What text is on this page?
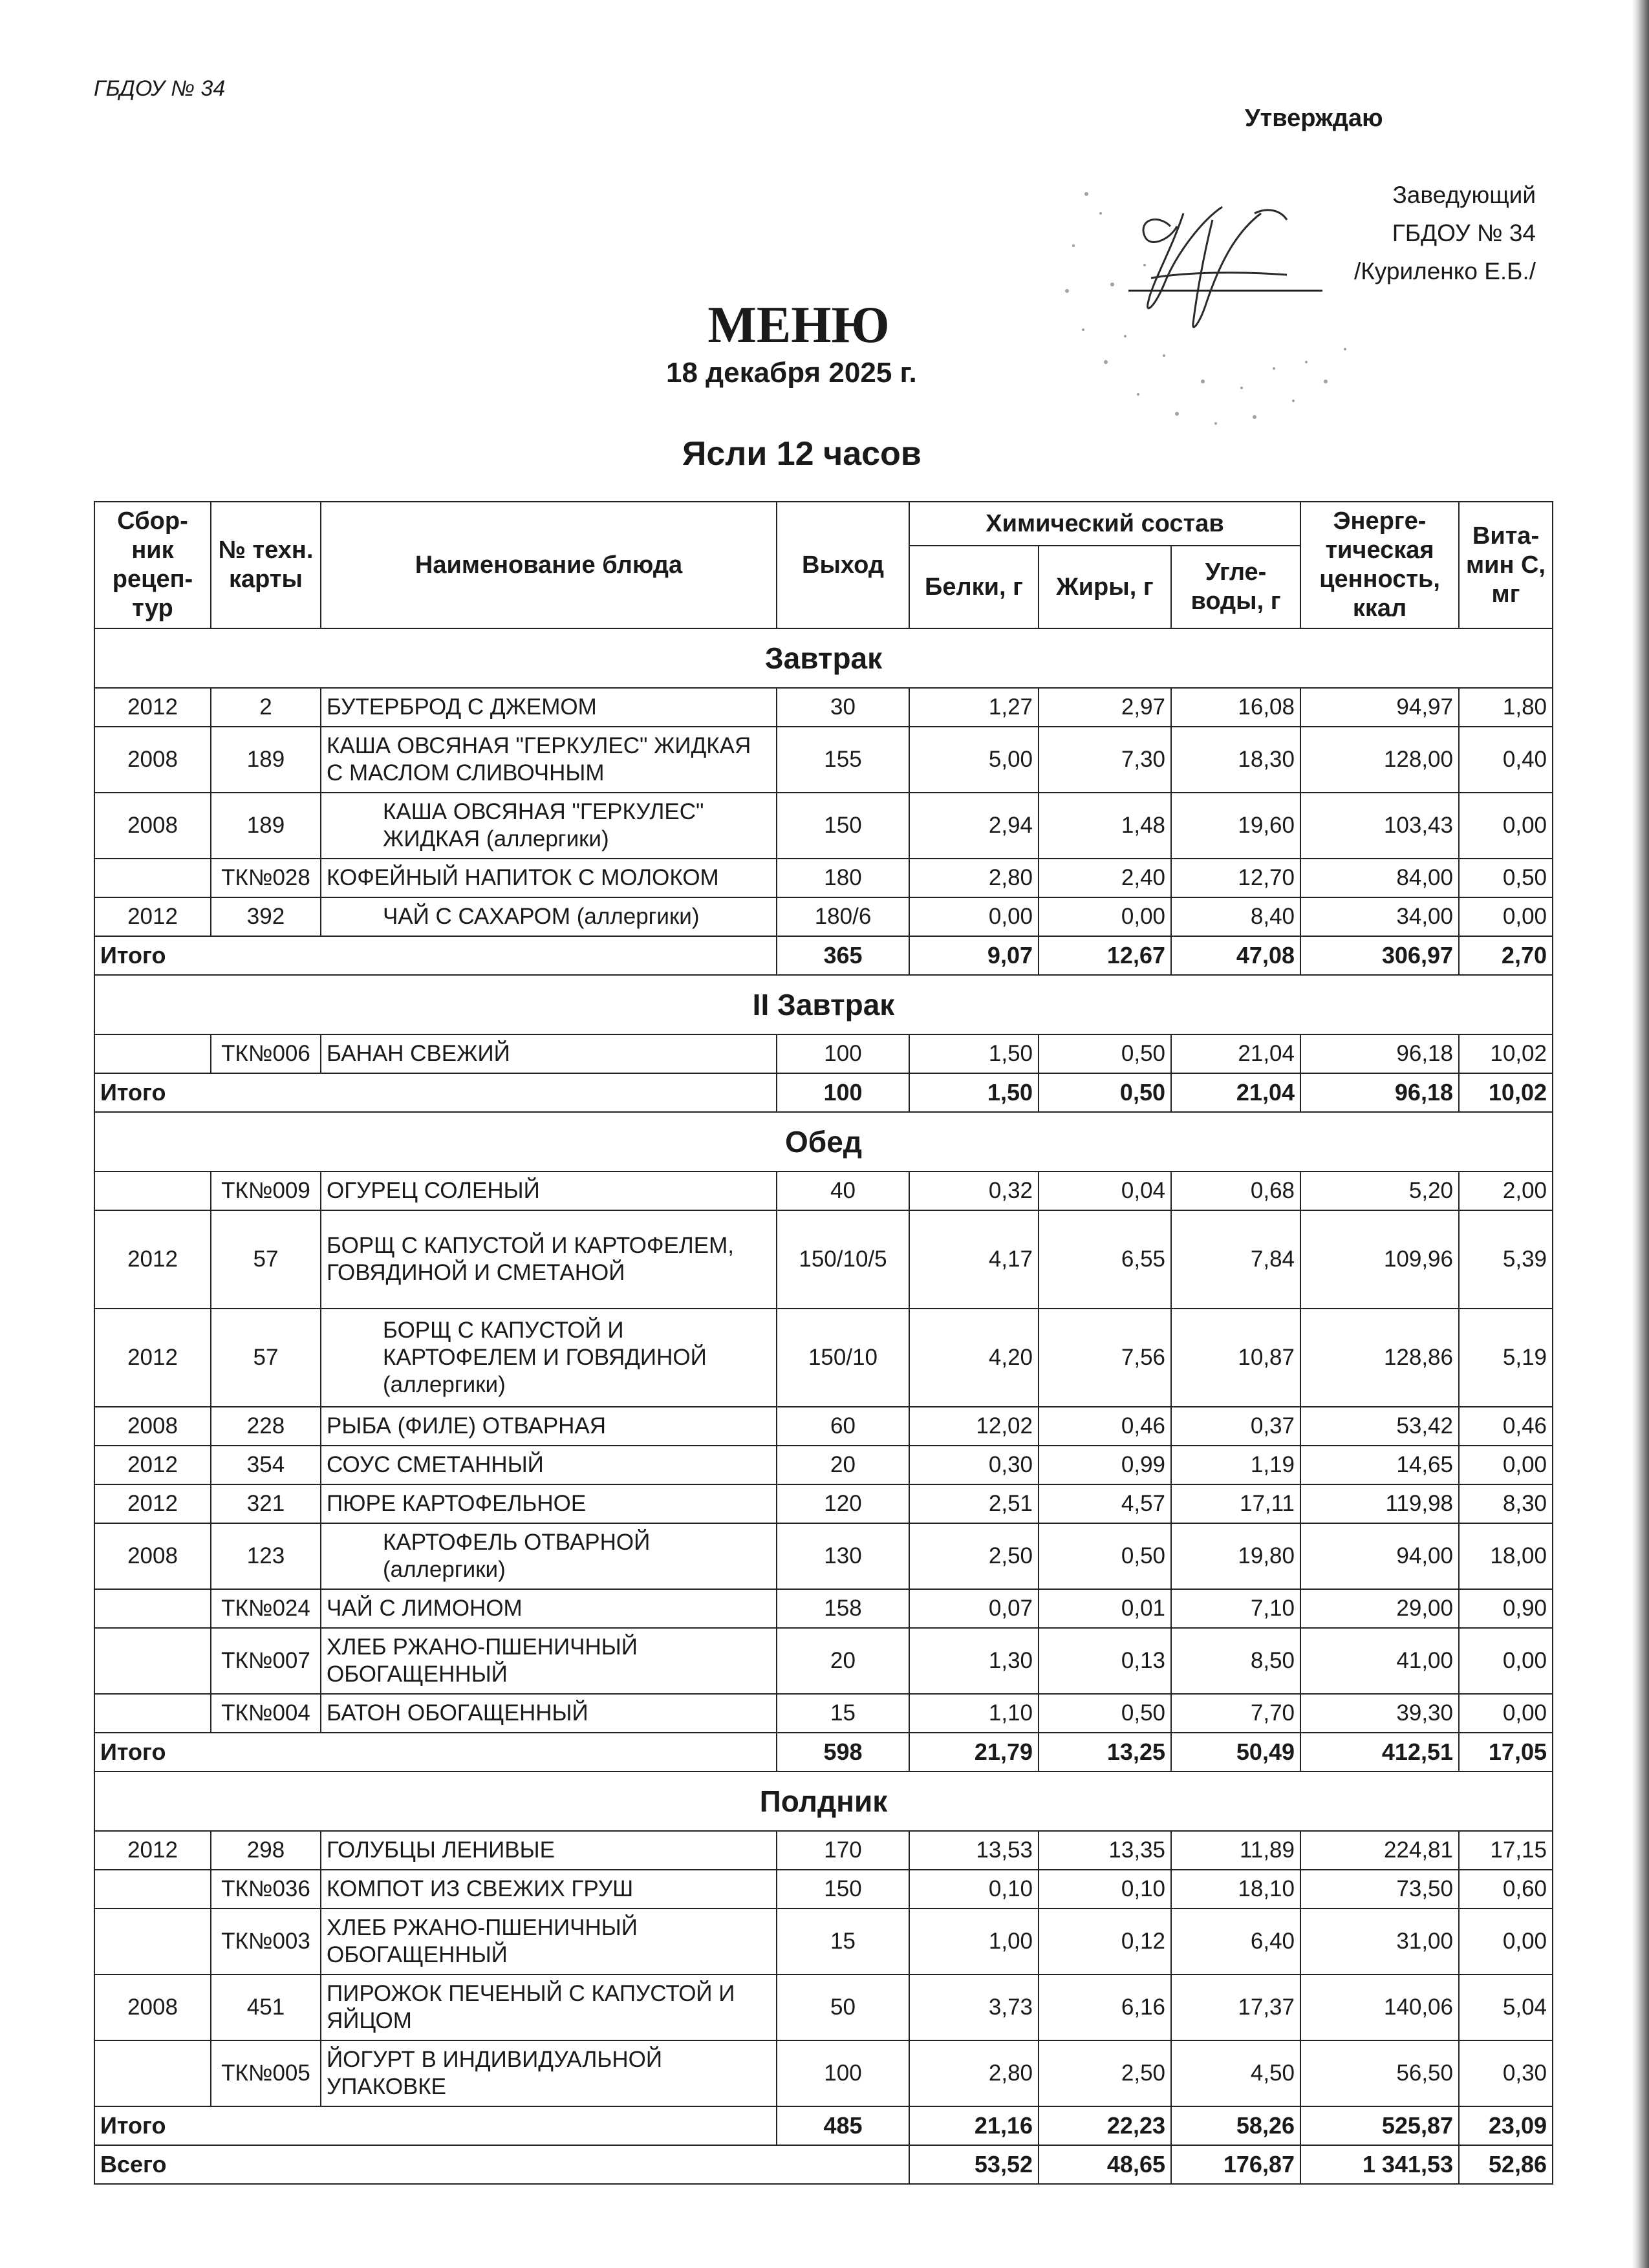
ГБДОУ № 34
Утверждаю
Заведующий
ГБДОУ № 34
/Куриленко Е.Б./
МЕНЮ
18 декабря 2025 г.
Ясли 12 часов
Сбор-ник рецеп-тур	№ техн. карты	Наименование блюда	Выход	Химический состав			Энерге-тическая ценность, ккал	Вита-мин С, мг
				Белки, г	Жиры, г	Угле-воды, г		
Завтрак								
2012	2	БУТЕРБРОД С ДЖЕМОМ	30	1,27	2,97	16,08	94,97	1,80
2008	189	КАША ОВСЯНАЯ "ГЕРКУЛЕС" ЖИДКАЯ С МАСЛОМ СЛИВОЧНЫМ	155	5,00	7,30	18,30	128,00	0,40
2008	189	КАША ОВСЯНАЯ "ГЕРКУЛЕС" ЖИДКАЯ (аллергики)	150	2,94	1,48	19,60	103,43	0,00
	ТК№028	КОФЕЙНЫЙ НАПИТОК С МОЛОКОМ	180	2,80	2,40	12,70	84,00	0,50
2012	392	ЧАЙ С САХАРОМ (аллергики)	180/6	0,00	0,00	8,40	34,00	0,00
Итого			365	9,07	12,67	47,08	306,97	2,70
II Завтрак								
	ТК№006	БАНАН СВЕЖИЙ	100	1,50	0,50	21,04	96,18	10,02
Итого			100	1,50	0,50	21,04	96,18	10,02
Обед								
	ТК№009	ОГУРЕЦ СОЛЕНЫЙ	40	0,32	0,04	0,68	5,20	2,00
2012	57	БОРЩ С КАПУСТОЙ И КАРТОФЕЛЕМ, ГОВЯДИНОЙ И СМЕТАНОЙ	150/10/5	4,17	6,55	7,84	109,96	5,39
2012	57	БОРЩ С КАПУСТОЙ И КАРТОФЕЛЕМ И ГОВЯДИНОЙ (аллергики)	150/10	4,20	7,56	10,87	128,86	5,19
2008	228	РЫБА (ФИЛЕ) ОТВАРНАЯ	60	12,02	0,46	0,37	53,42	0,46
2012	354	СОУС СМЕТАННЫЙ	20	0,30	0,99	1,19	14,65	0,00
2012	321	ПЮРЕ КАРТОФЕЛЬНОЕ	120	2,51	4,57	17,11	119,98	8,30
2008	123	КАРТОФЕЛЬ ОТВАРНОЙ (аллергики)	130	2,50	0,50	19,80	94,00	18,00
	ТК№024	ЧАЙ С ЛИМОНОМ	158	0,07	0,01	7,10	29,00	0,90
	ТК№007	ХЛЕБ РЖАНО-ПШЕНИЧНЫЙ ОБОГАЩЕННЫЙ	20	1,30	0,13	8,50	41,00	0,00
	ТК№004	БАТОН ОБОГАЩЕННЫЙ	15	1,10	0,50	7,70	39,30	0,00
Итого			598	21,79	13,25	50,49	412,51	17,05
Полдник								
2012	298	ГОЛУБЦЫ ЛЕНИВЫЕ	170	13,53	13,35	11,89	224,81	17,15
	ТК№036	КОМПОТ ИЗ СВЕЖИХ ГРУШ	150	0,10	0,10	18,10	73,50	0,60
	ТК№003	ХЛЕБ РЖАНО-ПШЕНИЧНЫЙ ОБОГАЩЕННЫЙ	15	1,00	0,12	6,40	31,00	0,00
2008	451	ПИРОЖОК ПЕЧЕНЫЙ С КАПУСТОЙ И ЯЙЦОМ	50	3,73	6,16	17,37	140,06	5,04
	ТК№005	ЙОГУРТ В ИНДИВИДУАЛЬНОЙ УПАКОВКЕ	100	2,80	2,50	4,50	56,50	0,30
Итого			485	21,16	22,23	58,26	525,87	23,09
Всего				53,52	48,65	176,87	1 341,53	52,86
